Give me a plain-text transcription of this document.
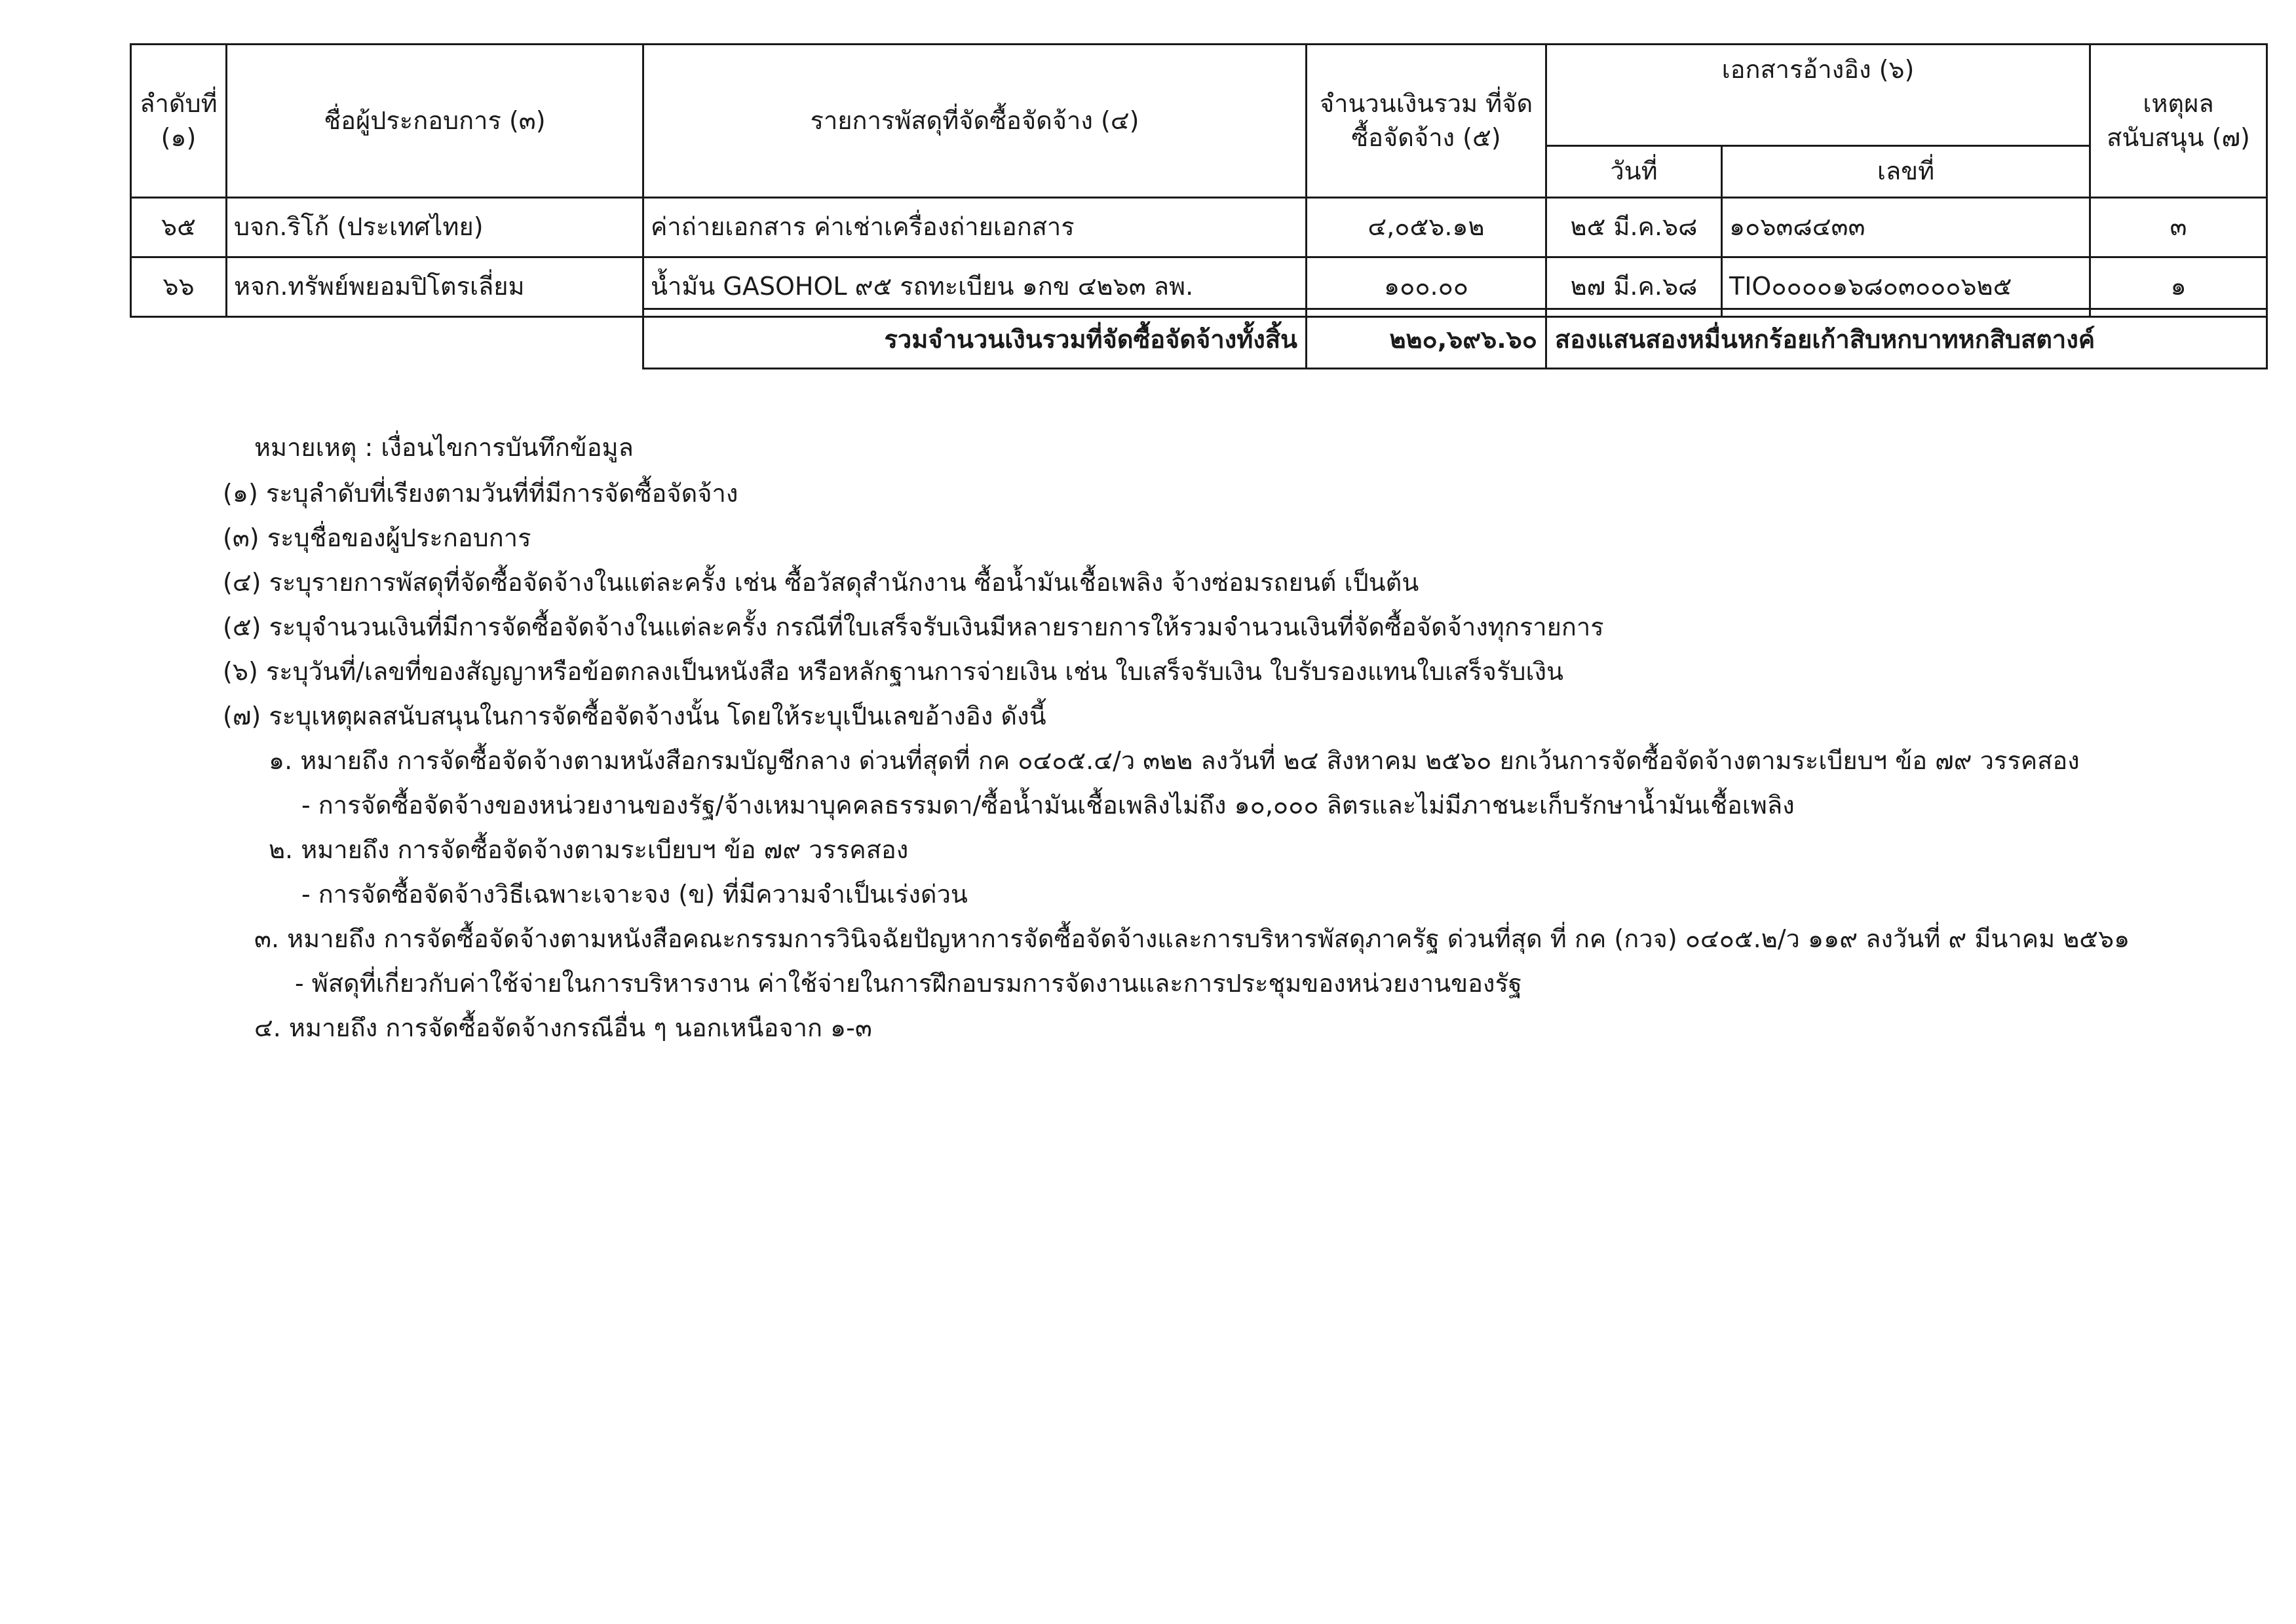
ลำดับที่ (๑)	ชื่อผู้ประกอบการ (๓)	รายการพัสดุที่จัดซื้อจัดจ้าง (๔)	จำนวนเงินรวม ที่จัดซื้อจัดจ้าง (๕)	เอกสารอ้างอิง (๖)		เหตุผลสนับสนุน (๗)
				วันที่	เลขที่	
๖๕	บจก.ริโก้ (ประเทศไทย)	ค่าถ่ายเอกสาร ค่าเช่าเครื่องถ่ายเอกสาร	๔,๐๕๖.๑๒	๒๕ มี.ค.๖๘	๑๐๖๓๘๔๓๓	๓
๖๖	หจก.ทรัพย์พยอมปิโตรเลี่ยม	น้ำมัน GASOHOL ๙๕ รถทะเบียน ๑กข ๔๒๖๓ ลพ.	๑๐๐.๐๐	๒๗ มี.ค.๖๘	TIO๐๐๐๐๑๖๘๐๓๐๐๐๖๒๕	๑
รวมจำนวนเงินรวมที่จัดซื้อจัดจ้างทั้งสิ้น	๒๒๐,๖๙๖.๖๐	สองแสนสองหมื่นหกร้อยเก้าสิบหกบาทหกสิบสตางค์
หมายเหตุ : เงื่อนไขการบันทึกข้อมูล
(๑) ระบุลำดับที่เรียงตามวันที่ที่มีการจัดซื้อจัดจ้าง
(๓) ระบุชื่อของผู้ประกอบการ
(๔) ระบุรายการพัสดุที่จัดซื้อจัดจ้างในแต่ละครั้ง เช่น ซื้อวัสดุสำนักงาน ซื้อน้ำมันเชื้อเพลิง จ้างซ่อมรถยนต์ เป็นต้น
(๕) ระบุจำนวนเงินที่มีการจัดซื้อจัดจ้างในแต่ละครั้ง กรณีที่ใบเสร็จรับเงินมีหลายรายการให้รวมจำนวนเงินที่จัดซื้อจัดจ้างทุกรายการ
(๖) ระบุวันที่/เลขที่ของสัญญาหรือข้อตกลงเป็นหนังสือ หรือหลักฐานการจ่ายเงิน เช่น ใบเสร็จรับเงิน ใบรับรองแทนใบเสร็จรับเงิน
(๗) ระบุเหตุผลสนับสนุนในการจัดซื้อจัดจ้างนั้น โดยให้ระบุเป็นเลขอ้างอิง ดังนี้
๑. หมายถึง การจัดซื้อจัดจ้างตามหนังสือกรมบัญชีกลาง ด่วนที่สุดที่ กค ๐๔๐๕.๔/ว ๓๒๒ ลงวันที่ ๒๔ สิงหาคม ๒๕๖๐ ยกเว้นการจัดซื้อจัดจ้างตามระเบียบฯ ข้อ ๗๙ วรรคสอง
- การจัดซื้อจัดจ้างของหน่วยงานของรัฐ/จ้างเหมาบุคคลธรรมดา/ซื้อน้ำมันเชื้อเพลิงไม่ถึง ๑๐,๐๐๐ ลิตรและไม่มีภาชนะเก็บรักษาน้ำมันเชื้อเพลิง
๒. หมายถึง การจัดซื้อจัดจ้างตามระเบียบฯ ข้อ ๗๙ วรรคสอง
- การจัดซื้อจัดจ้างวิธีเฉพาะเจาะจง (ข) ที่มีความจำเป็นเร่งด่วน
๓. หมายถึง การจัดซื้อจัดจ้างตามหนังสือคณะกรรมการวินิจฉัยปัญหาการจัดซื้อจัดจ้างและการบริหารพัสดุภาครัฐ ด่วนที่สุด ที่ กค (กวจ) ๐๔๐๕.๒/ว ๑๑๙ ลงวันที่ ๙ มีนาคม ๒๕๖๑
- พัสดุที่เกี่ยวกับค่าใช้จ่ายในการบริหารงาน ค่าใช้จ่ายในการฝึกอบรมการจัดงานและการประชุมของหน่วยงานของรัฐ
๔. หมายถึง การจัดซื้อจัดจ้างกรณีอื่น ๆ นอกเหนือจาก ๑-๓
